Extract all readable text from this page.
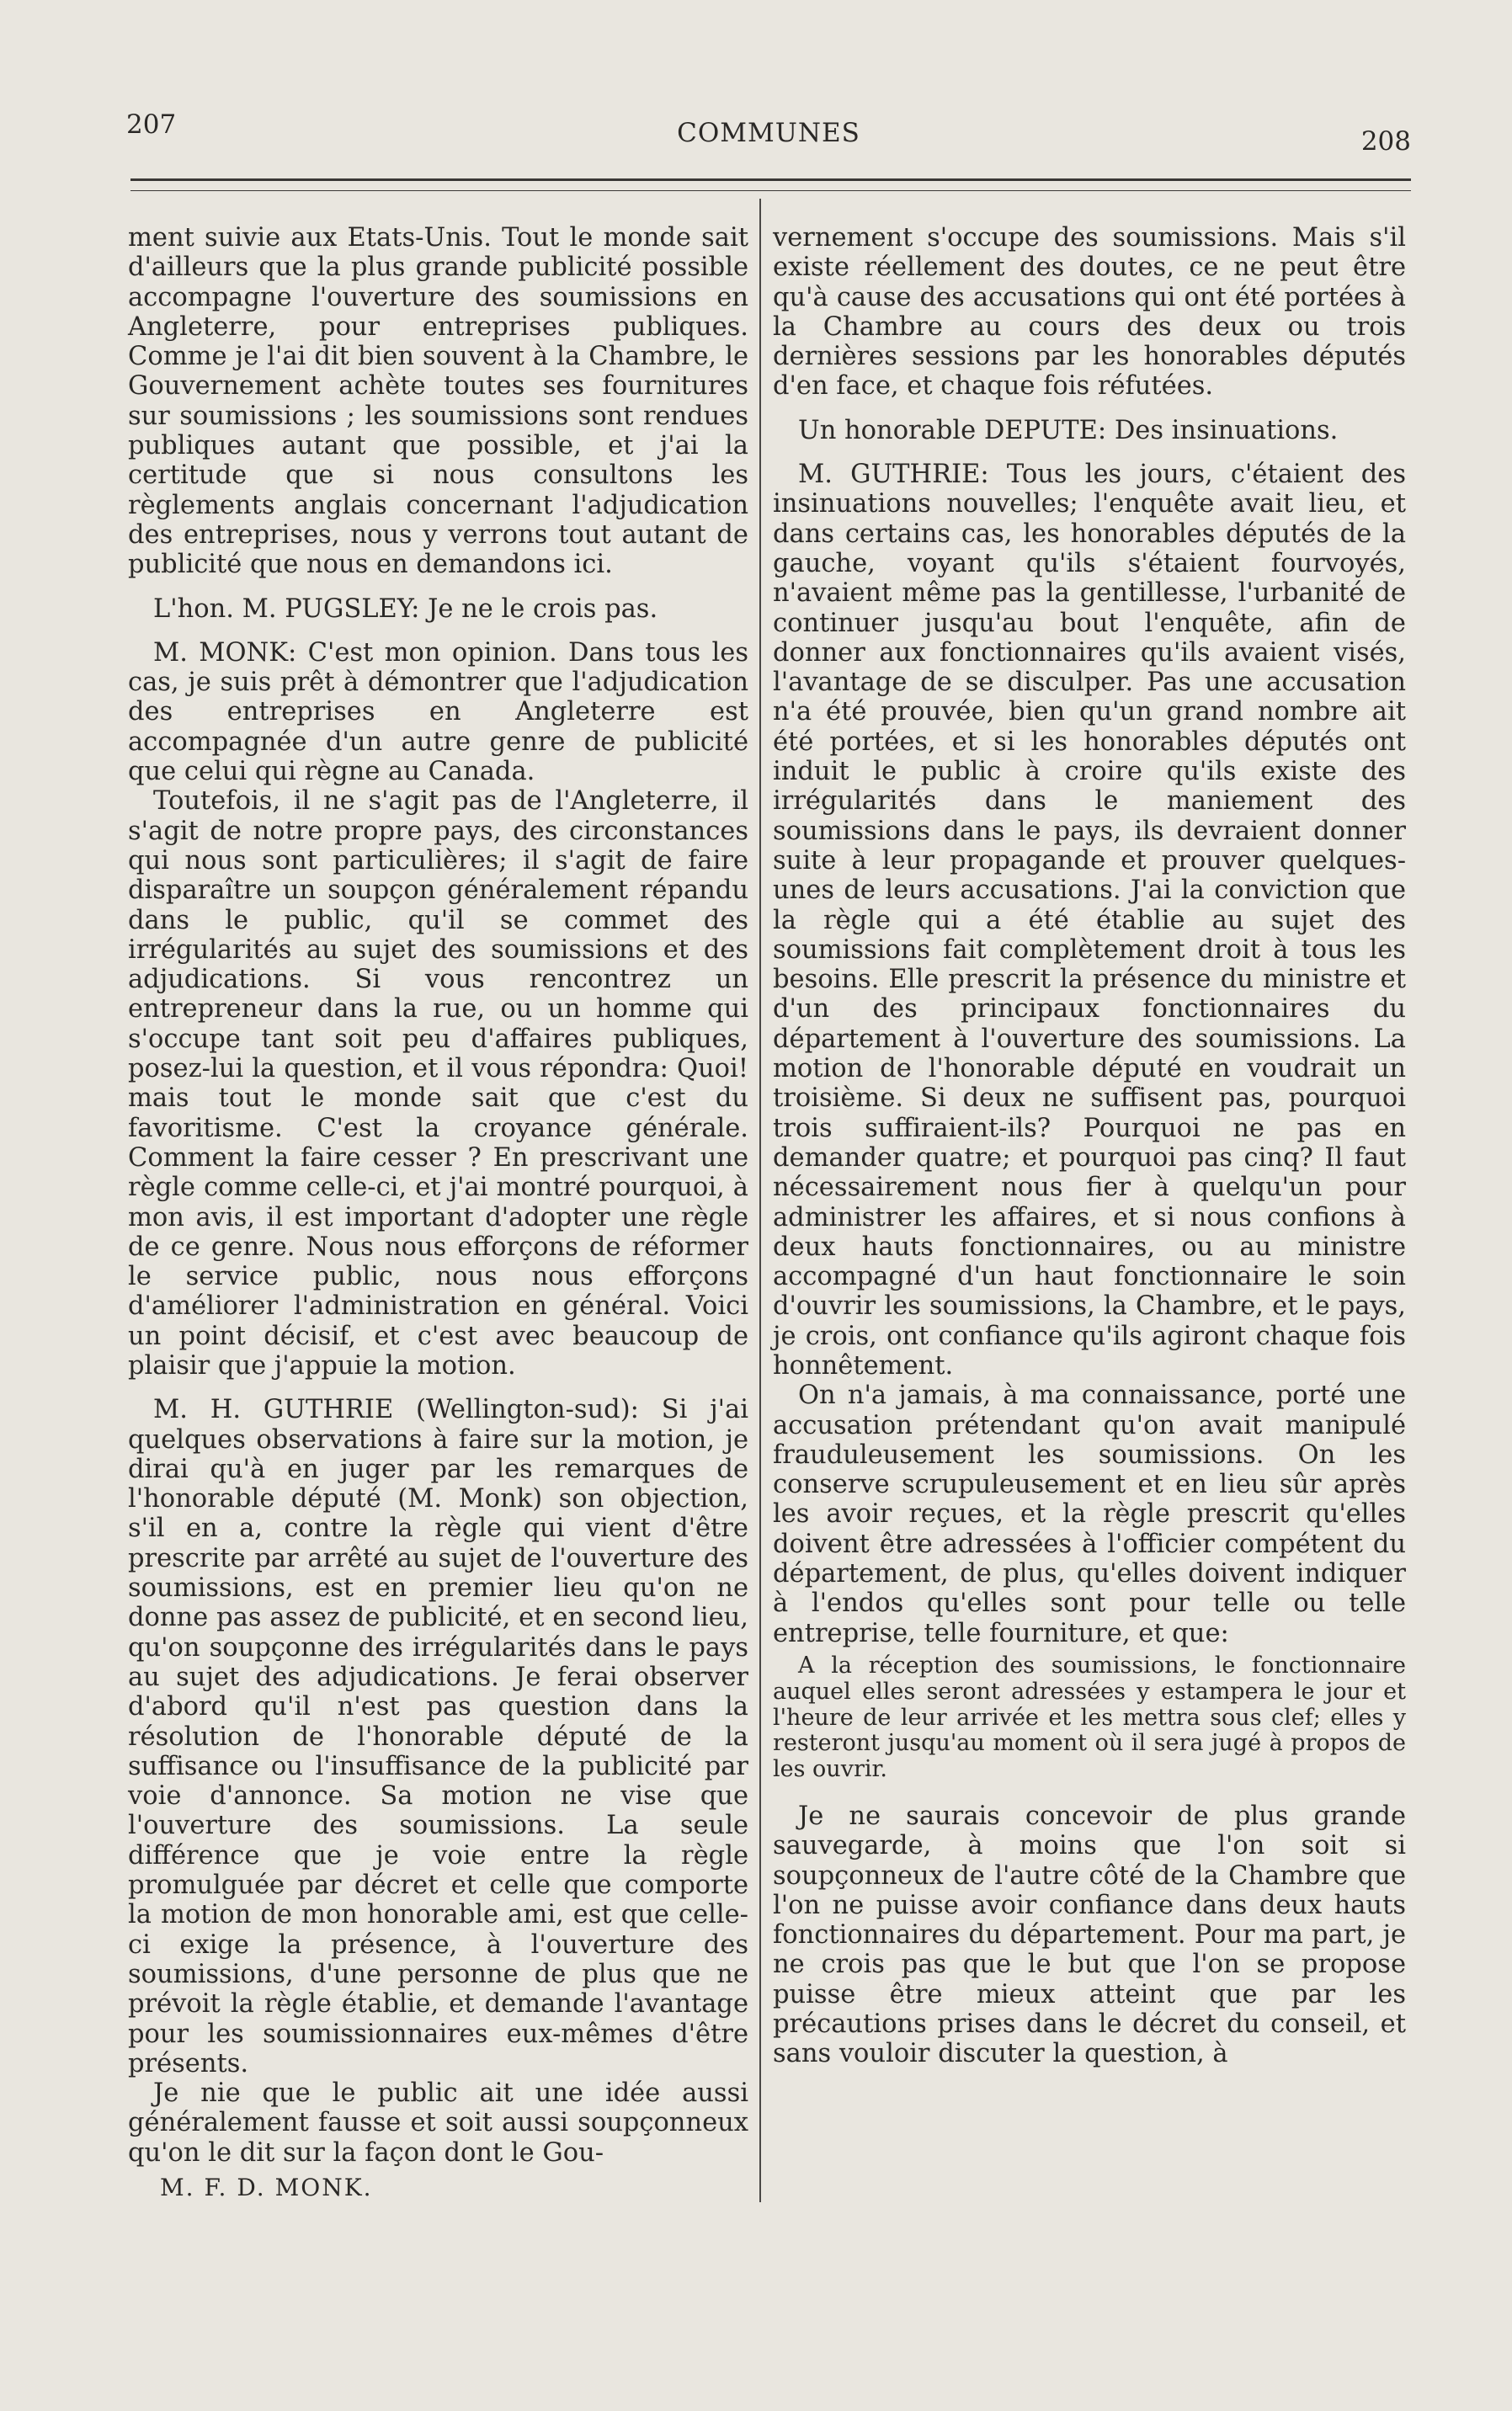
207	COMMUNES	208

ment suivie aux Etats-Unis. Tout le monde sait d'ailleurs que la plus grande publicité possible accompagne l'ouverture des soumissions en Angleterre, pour entreprises publiques. Comme je l'ai dit bien souvent à la Chambre, le Gouvernement achète toutes ses fournitures sur soumissions ; les soumissions sont rendues publiques autant que possible, et j'ai la certitude que si nous consultons les règlements anglais concernant l'adjudication des entreprises, nous y verrons tout autant de publicité que nous en demandons ici.

L'hon. M. PUGSLEY: Je ne le crois pas.

M. MONK: C'est mon opinion. Dans tous les cas, je suis prêt à démontrer que l'adjudication des entreprises en Angleterre est accompagnée d'un autre genre de publicité que celui qui règne au Canada.

Toutefois, il ne s'agit pas de l'Angleterre, il s'agit de notre propre pays, des circonstances qui nous sont particulières; il s'agit de faire disparaître un soupçon généralement répandu dans le public, qu'il se commet des irrégularités au sujet des soumissions et des adjudications. Si vous rencontrez un entrepreneur dans la rue, ou un homme qui s'occupe tant soit peu d'affaires publiques, posez-lui la question, et il vous répondra: Quoi! mais tout le monde sait que c'est du favoritisme. C'est la croyance générale. Comment la faire cesser ? En prescrivant une règle comme celle-ci, et j'ai montré pourquoi, à mon avis, il est important d'adopter une règle de ce genre. Nous nous efforçons de réformer le service public, nous nous efforçons d'améliorer l'administration en général. Voici un point décisif, et c'est avec beaucoup de plaisir que j'appuie la motion.

M. H. GUTHRIE (Wellington-sud): Si j'ai quelques observations à faire sur la motion, je dirai qu'à en juger par les remarques de l'honorable député (M. Monk) son objection, s'il en a, contre la règle qui vient d'être prescrite par arrêté au sujet de l'ouverture des soumissions, est en premier lieu qu'on ne donne pas assez de publicité, et en second lieu, qu'on soupçonne des irrégularités dans le pays au sujet des adjudications. Je ferai observer d'abord qu'il n'est pas question dans la résolution de l'honorable député de la suffisance ou l'insuffisance de la publicité par voie d'annonce. Sa motion ne vise que l'ouverture des soumissions. La seule différence que je voie entre la règle promulguée par décret et celle que comporte la motion de mon honorable ami, est que celle-ci exige la présence, à l'ouverture des soumissions, d'une personne de plus que ne prévoit la règle établie, et demande l'avantage pour les soumissionnaires eux-mêmes d'être présents.

Je nie que le public ait une idée aussi généralement fausse et soit aussi soupçonneux qu'on le dit sur la façon dont le Gou-

M. F. D. MONK.

vernement s'occupe des soumissions. Mais s'il existe réellement des doutes, ce ne peut être qu'à cause des accusations qui ont été portées à la Chambre au cours des deux ou trois dernières sessions par les honorables députés d'en face, et chaque fois réfutées.

Un honorable DEPUTE: Des insinuations.

M. GUTHRIE: Tous les jours, c'étaient des insinuations nouvelles; l'enquête avait lieu, et dans certains cas, les honorables députés de la gauche, voyant qu'ils s'étaient fourvoyés, n'avaient même pas la gentillesse, l'urbanité de continuer jusqu'au bout l'enquête, afin de donner aux fonctionnaires qu'ils avaient visés, l'avantage de se disculper. Pas une accusation n'a été prouvée, bien qu'un grand nombre ait été portées, et si les honorables députés ont induit le public à croire qu'ils existe des irrégularités dans le maniement des soumissions dans le pays, ils devraient donner suite à leur propagande et prouver quelques-unes de leurs accusations. J'ai la conviction que la règle qui a été établie au sujet des soumissions fait complètement droit à tous les besoins. Elle prescrit la présence du ministre et d'un des principaux fonctionnaires du département à l'ouverture des soumissions. La motion de l'honorable député en voudrait un troisième. Si deux ne suffisent pas, pourquoi trois suffiraient-ils? Pourquoi ne pas en demander quatre; et pourquoi pas cinq? Il faut nécessairement nous fier à quelqu'un pour administrer les affaires, et si nous confions à deux hauts fonctionnaires, ou au ministre accompagné d'un haut fonctionnaire le soin d'ouvrir les soumissions, la Chambre, et le pays, je crois, ont confiance qu'ils agiront chaque fois honnêtement.

On n'a jamais, à ma connaissance, porté une accusation prétendant qu'on avait manipulé frauduleusement les soumissions. On les conserve scrupuleusement et en lieu sûr après les avoir reçues, et la règle prescrit qu'elles doivent être adressées à l'officier compétent du département, de plus, qu'elles doivent indiquer à l'endos qu'elles sont pour telle ou telle entreprise, telle fourniture, et que:

A la réception des soumissions, le fonctionnaire auquel elles seront adressées y estampera le jour et l'heure de leur arrivée et les mettra sous clef; elles y resteront jusqu'au moment où il sera jugé à propos de les ouvrir.

Je ne saurais concevoir de plus grande sauvegarde, à moins que l'on soit si soupçonneux de l'autre côté de la Chambre que l'on ne puisse avoir confiance dans deux hauts fonctionnaires du département. Pour ma part, je ne crois pas que le but que l'on se propose puisse être mieux atteint que par les précautions prises dans le décret du conseil, et sans vouloir discuter la question, à
